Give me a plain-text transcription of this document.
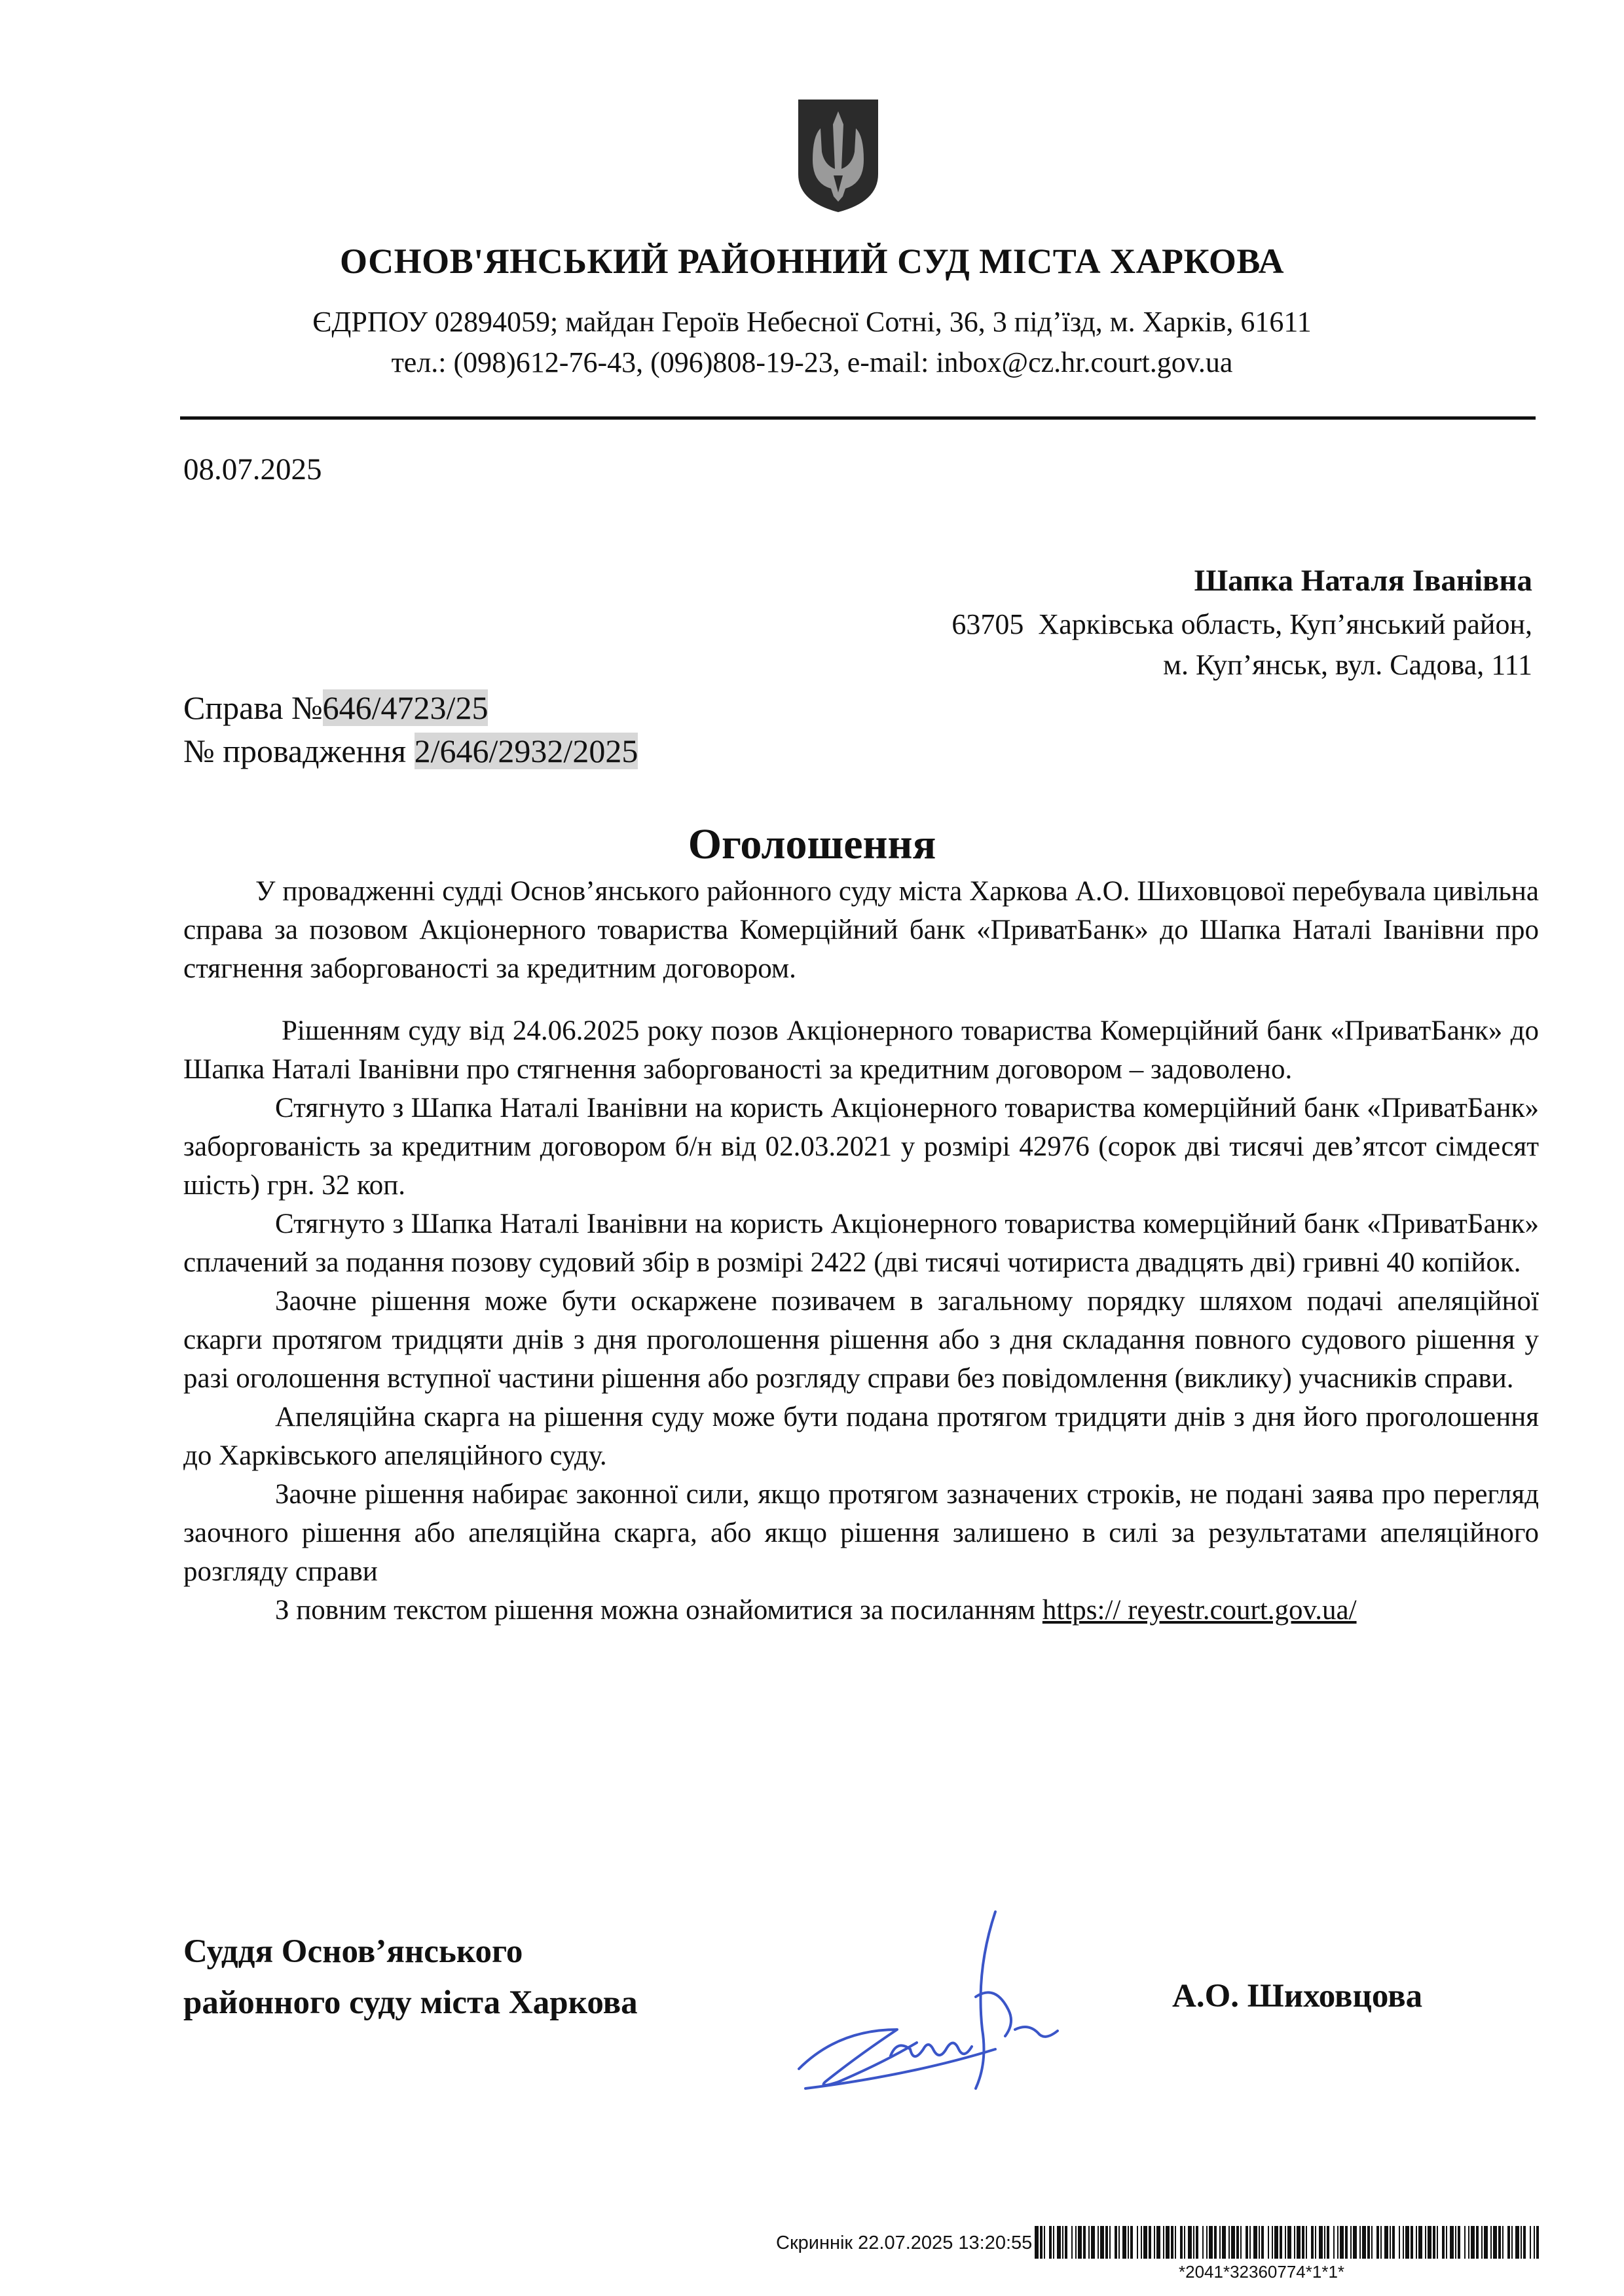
ОСНОВ'ЯНСЬКИЙ РАЙОННИЙ СУД МІСТА ХАРКОВА
ЄДРПОУ 02894059; майдан Героїв Небесної Сотні, 36, 3 під’їзд, м. Харків, 61611
тел.: (098)612-76-43, (096)808-19-23, e-mail: inbox@cz.hr.court.gov.ua
08.07.2025
Шапка Наталя Іванівна
63705 Харківська область, Куп’янський район,
м. Куп’янськ, вул. Садова, 111
Справа №646/4723/25
№ провадження 2/646/2932/2025
Оголошення

У провадженні судді Основ’янського районного суду міста Харкова А.О. Шиховцової перебувала цивільна справа за позовом Акціонерного товариства Комерційний банк «ПриватБанк» до Шапка Наталі Іванівни про стягнення заборгованості за кредитним договором.

Рішенням суду від 24.06.2025 року позов Акціонерного товариства Комерційний банк «ПриватБанк» до Шапка Наталі Іванівни про стягнення заборгованості за кредитним договором – задоволено.

Стягнуто з Шапка Наталі Іванівни на користь Акціонерного товариства комерційний банк «ПриватБанк» заборгованість за кредитним договором б/н від 02.03.2021 у розмірі 42976 (сорок дві тисячі дев’ятсот сімдесят шість) грн. 32 коп.

Стягнуто з Шапка Наталі Іванівни на користь Акціонерного товариства комерційний банк «ПриватБанк» сплачений за подання позову судовий збір в розмірі 2422 (дві тисячі чотириста двадцять дві) гривні 40 копійок.

Заочне рішення може бути оскаржене позивачем в загальному порядку шляхом подачі апеляційної скарги протягом тридцяти днів з дня проголошення рішення або з дня складання повного судового рішення у разі оголошення вступної частини рішення або розгляду справи без повідомлення (виклику) учасників справи.

Апеляційна скарга на рішення суду може бути подана протягом тридцяти днів з дня його проголошення до Харківського апеляційного суду.

Заочне рішення набирає законної сили, якщо протягом зазначених строків, не подані заява про перегляд заочного рішення або апеляційна скарга, або якщо рішення залишено в силі за результатами апеляційного розгляду справи

З повним текстом рішення можна ознайомитися за посиланням https:// reyestr.court.gov.ua/

Суддя Основ’янського
районного суду міста Харкова	А.О. Шиховцова
Скриннік 22.07.2025 13:20:55
*2041*32360774*1*1*
